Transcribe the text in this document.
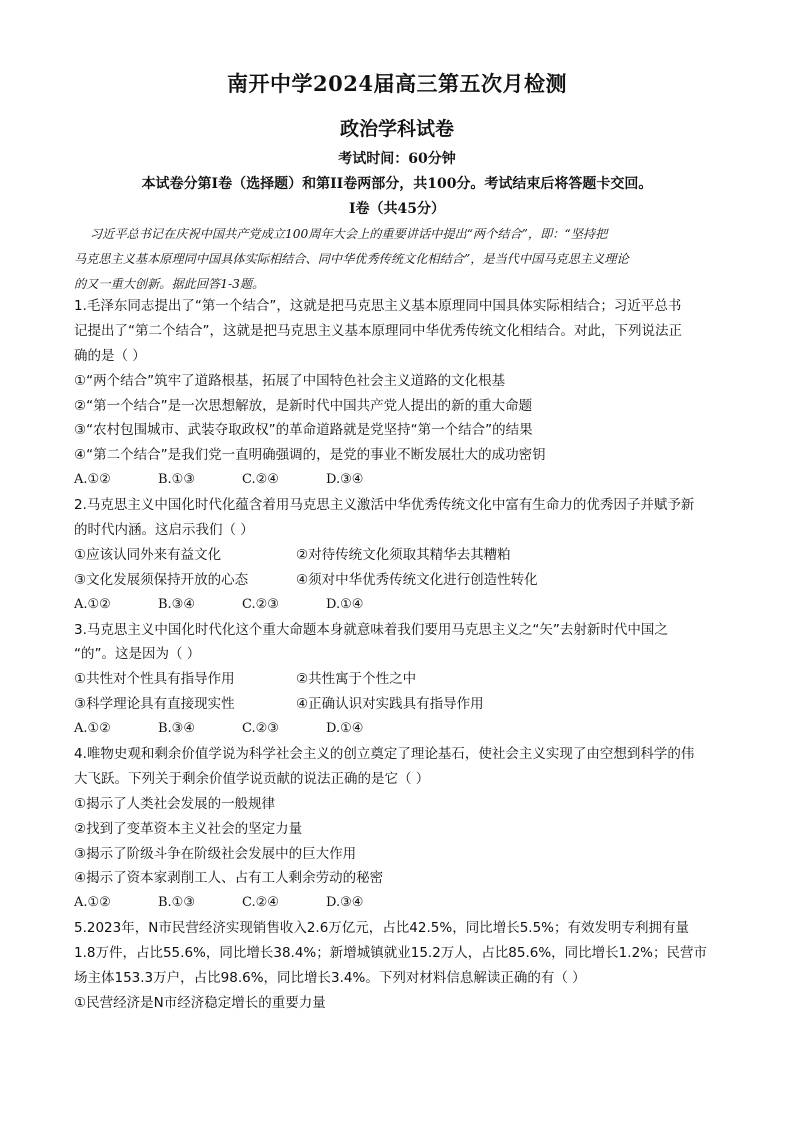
南开中学2024届高三第五次月检测
政治学科试卷
考试时间：60分钟
本试卷分第Ⅰ卷（选择题）和第II卷两部分，共100分。考试结束后将答题卡交回。
Ⅰ卷（共45分）
习近平总书记在庆祝中国共产党成立100周年大会上的重要讲话中提出“两个结合”，即：“坚持把
马克思主义基本原理同中国具体实际相结合、同中华优秀传统文化相结合”，是当代中国马克思主义理论
的又一重大创新。据此回答1-3题。
1.毛泽东同志提出了“第一个结合”，这就是把马克思主义基本原理同中国具体实际相结合；习近平总书
记提出了“第二个结合”，这就是把马克思主义基本原理同中华优秀传统文化相结合。对此，下列说法正
确的是（ ）
①“两个结合”筑牢了道路根基，拓展了中国特色社会主义道路的文化根基
②“第一个结合”是一次思想解放，是新时代中国共产党人提出的新的重大命题
③“农村包围城市、武装夺取政权”的革命道路就是党坚持“第一个结合”的结果
④“第二个结合”是我们党一直明确强调的，是党的事业不断发展壮大的成功密钥
A.①②	B.①③	C.②④	D.③④
2.马克思主义中国化时代化蕴含着用马克思主义激活中华优秀传统文化中富有生命力的优秀因子并赋予新
的时代内涵。这启示我们（ ）
①应该认同外来有益文化	②对待传统文化须取其精华去其糟粕
③文化发展须保持开放的心态	④须对中华优秀传统文化进行创造性转化
A.①②	B.③④	C.②③	D.①④
3.马克思主义中国化时代化这个重大命题本身就意味着我们要用马克思主义之“矢”去射新时代中国之
“的”。这是因为（ ）
①共性对个性具有指导作用	②共性寓于个性之中
③科学理论具有直接现实性	④正确认识对实践具有指导作用
A.①②	B.③④	C.②③	D.①④
4.唯物史观和剩余价值学说为科学社会主义的创立奠定了理论基石，使社会主义实现了由空想到科学的伟
大飞跃。下列关于剩余价值学说贡献的说法正确的是它（ ）
①揭示了人类社会发展的一般规律
②找到了变革资本主义社会的坚定力量
③揭示了阶级斗争在阶级社会发展中的巨大作用
④揭示了资本家剥削工人、占有工人剩余劳动的秘密
A.①②	B.①③	C.②④	D.③④
5.2023年，N市民营经济实现销售收入2.6万亿元，占比42.5%，同比增长5.5%；有效发明专利拥有量
1.8万件，占比55.6%，同比增长38.4%；新增城镇就业15.2万人，占比85.6%，同比增长1.2%；民营市
场主体153.3万户，占比98.6%，同比增长3.4%。下列对材料信息解读正确的有（ ）
①民营经济是N市经济稳定增长的重要力量
